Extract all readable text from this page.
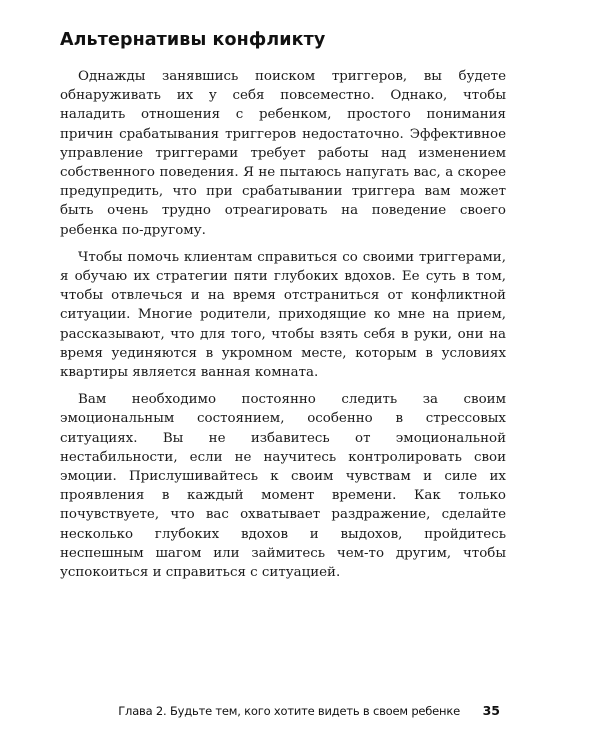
Альтернативы конфликту

Однажды занявшись поиском триггеров, вы будете обнаруживать их у себя повсеместно. Однако, чтобы наладить отношения с ребенком, простого понимания причин срабатывания триггеров недостаточно. Эффективное управление триггерами требует работы над изменением собственного поведения. Я не пытаюсь напугать вас, а скорее предупредить, что при срабатывании триггера вам может быть очень трудно отреагировать на поведение своего ребенка по-другому.

Чтобы помочь клиентам справиться со своими триггерами, я обучаю их стратегии пяти глубоких вдохов. Ее суть в том, чтобы отвлечься и на время отстраниться от конфликтной ситуации. Многие родители, приходящие ко мне на прием, рассказывают, что для того, чтобы взять себя в руки, они на время уединяются в укромном месте, которым в условиях квартиры является ванная комната.

Вам необходимо постоянно следить за своим эмоциональным состоянием, особенно в стрессовых ситуациях. Вы не избавитесь от эмоциональной нестабильности, если не научитесь контролировать свои эмоции. Прислушивайтесь к своим чувствам и силе их проявления в каждый момент времени. Как только почувствуете, что вас охватывает раздражение, сделайте несколько глубоких вдохов и выдохов, пройдитесь неспешным шагом или займитесь чем-то другим, чтобы успокоиться и справиться с ситуацией.

Глава 2. Будьте тем, кого хотите видеть в своем ребенке 35
